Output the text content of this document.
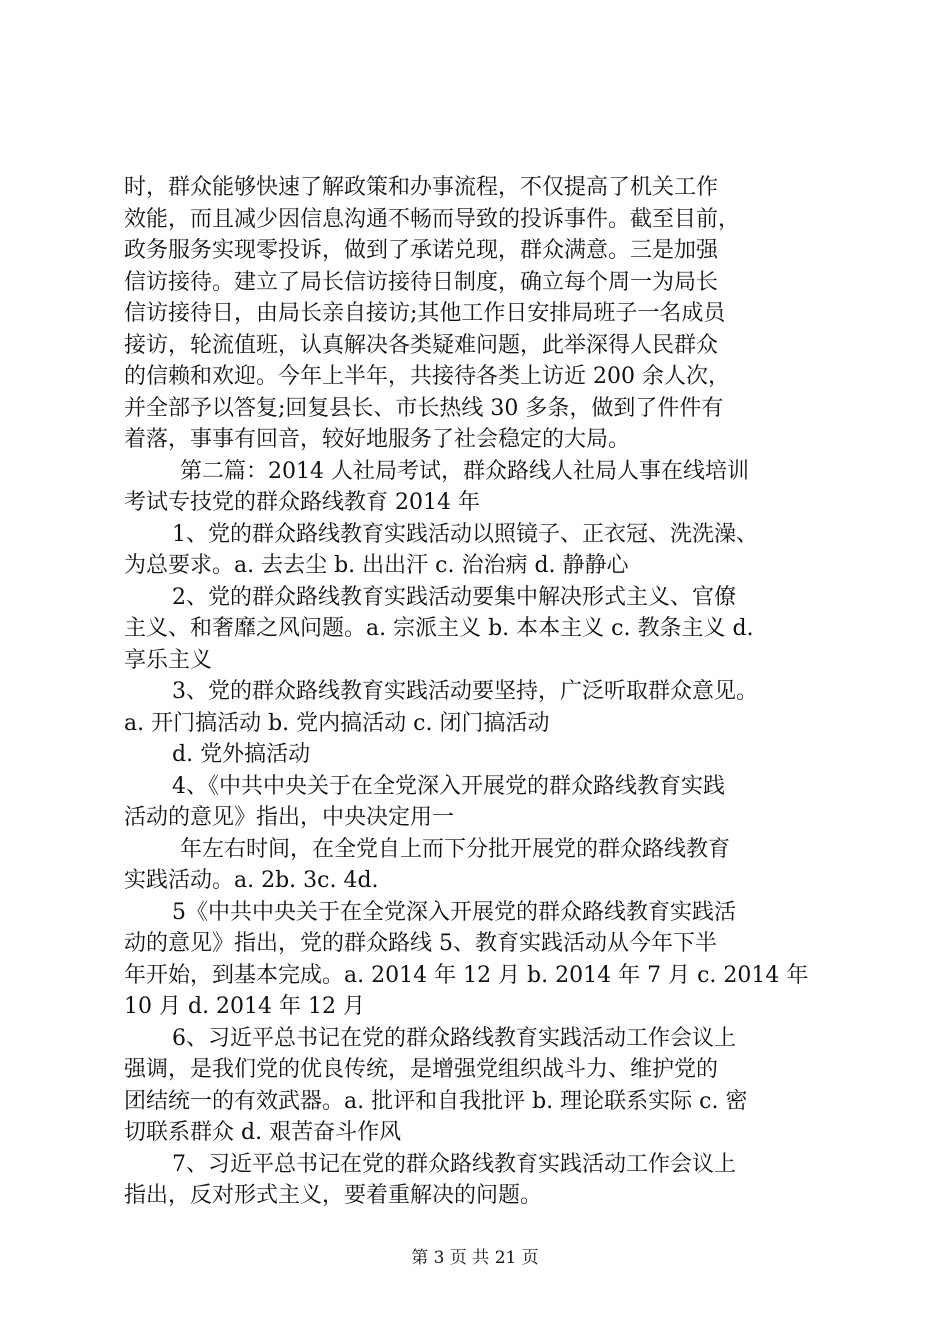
时，群众能够快速了解政策和办事流程，不仅提高了机关工作
效能，而且减少因信息沟通不畅而导致的投诉事件。截至目前，
政务服务实现零投诉，做到了承诺兑现，群众满意。三是加强
信访接待。建立了局长信访接待日制度，确立每个周一为局长
信访接待日，由局长亲自接访;其他工作日安排局班子一名成员
接访，轮流值班，认真解决各类疑难问题，此举深得人民群众
的信赖和欢迎。今年上半年，共接待各类上访近 200 余人次，
并全部予以答复;回复县长、市长热线 30 多条，做到了件件有
着落，事事有回音，较好地服务了社会稳定的大局。
第二篇：2014 人社局考试，群众路线人社局人事在线培训
考试专技党的群众路线教育 2014 年
1、党的群众路线教育实践活动以照镜子、正衣冠、洗洗澡、
为总要求。a. 去去尘 b. 出出汗 c. 治治病 d. 静静心
2、党的群众路线教育实践活动要集中解决形式主义、官僚
主义、和奢靡之风问题。a. 宗派主义 b. 本本主义 c. 教条主义 d.
享乐主义
3、党的群众路线教育实践活动要坚持，广泛听取群众意见。
a. 开门搞活动 b. 党内搞活动 c. 闭门搞活动
d. 党外搞活动
4、《中共中央关于在全党深入开展党的群众路线教育实践
活动的意见》指出，中央决定用一
年左右时间，在全党自上而下分批开展党的群众路线教育
实践活动。a. 2b. 3c. 4d.
5《中共中央关于在全党深入开展党的群众路线教育实践活
动的意见》指出，党的群众路线 5、教育实践活动从今年下半
年开始，到基本完成。a. 2014 年 12 月 b. 2014 年 7 月 c. 2014 年
10 月 d. 2014 年 12 月
6、习近平总书记在党的群众路线教育实践活动工作会议上
强调，是我们党的优良传统，是增强党组织战斗力、维护党的
团结统一的有效武器。a. 批评和自我批评 b. 理论联系实际 c. 密
切联系群众 d. 艰苦奋斗作风
7、习近平总书记在党的群众路线教育实践活动工作会议上
指出，反对形式主义，要着重解决的问题。
第 3 页 共 21 页
